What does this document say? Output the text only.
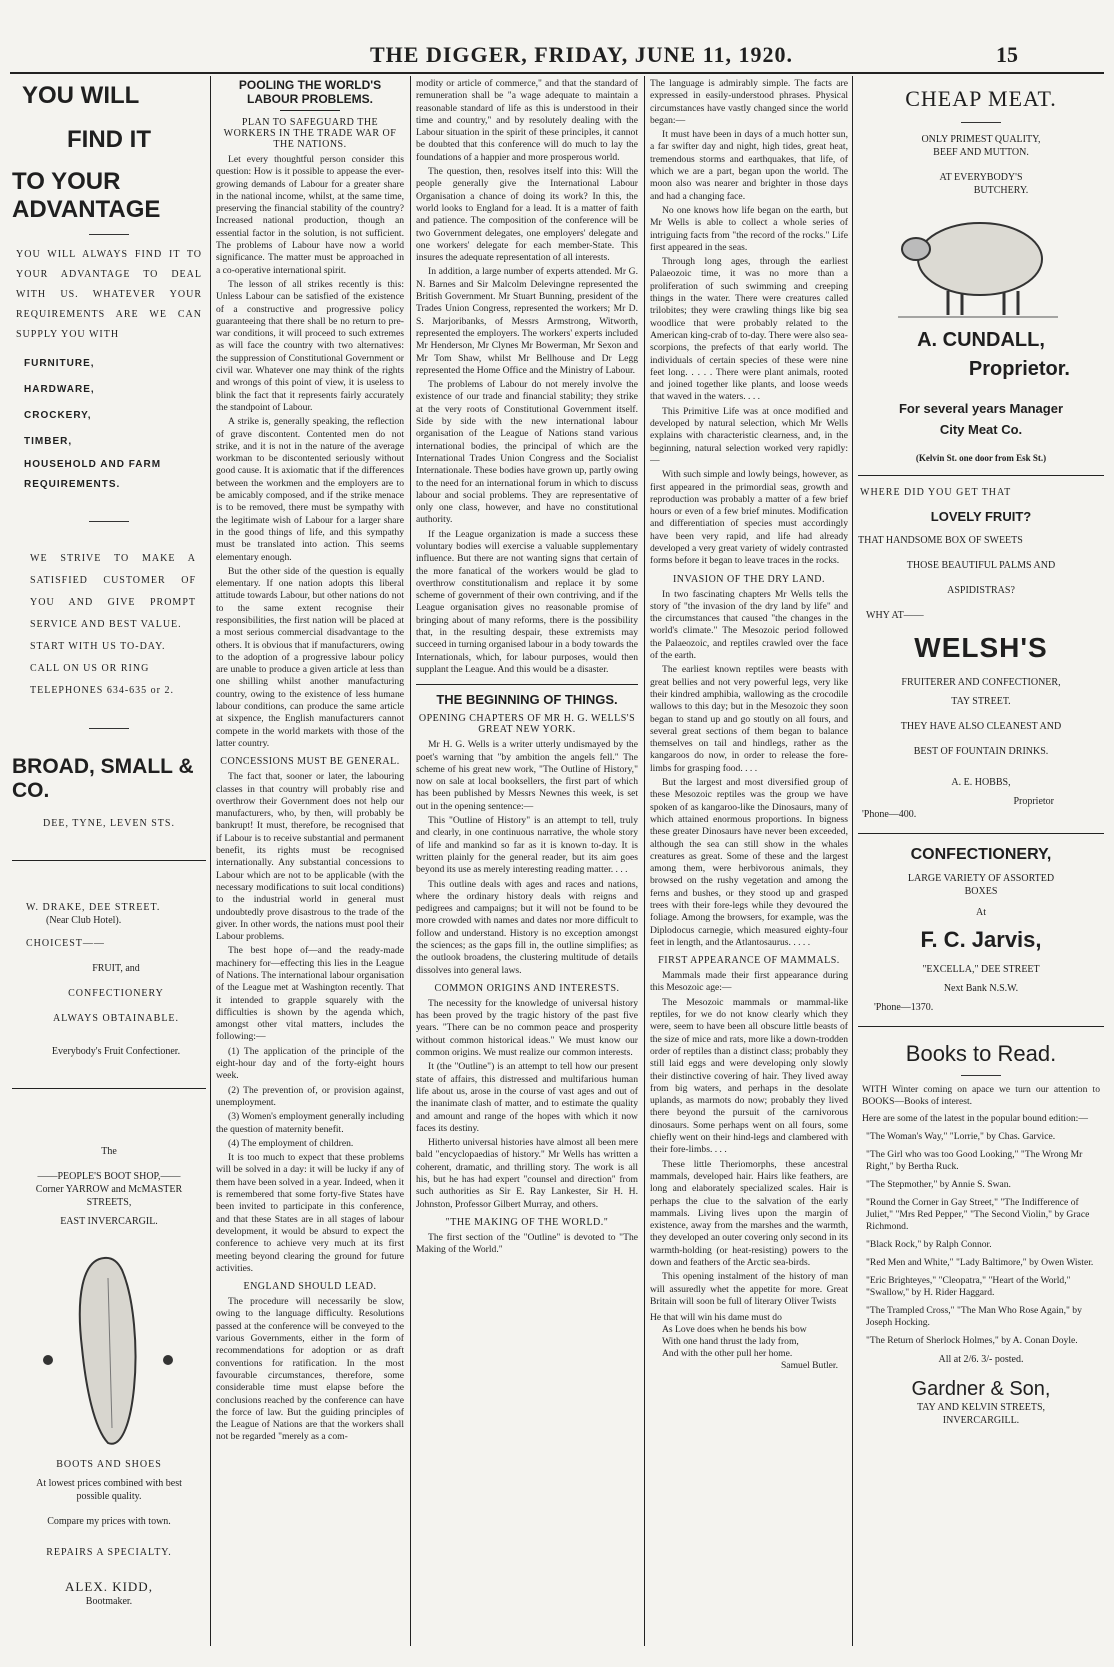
THE DIGGER, FRIDAY, JUNE 11, 1920.	15
YOU WILL
FIND IT
TO YOUR ADVANTAGE
YOU WILL ALWAYS FIND IT TO YOUR ADVANTAGE TO DEAL WITH US. WHATEVER YOUR REQUIREMENTS ARE WE CAN SUPPLY YOU WITH
FURNITURE,
HARDWARE,
CROCKERY,
TIMBER,
HOUSEHOLD AND FARM REQUIREMENTS.
WE STRIVE TO MAKE A SATISFIED CUSTOMER OF YOU AND GIVE PROMPT SERVICE AND BEST VALUE.
START WITH US TO-DAY.
CALL ON US OR RING TELEPHONES 634-635 or 2.
BROAD, SMALL & CO.
DEE, TYNE, LEVEN STS.
W. DRAKE, DEE STREET.
(Near Club Hotel).
CHOICEST——
FRUIT, and
CONFECTIONERY
ALWAYS OBTAINABLE.
Everybody's Fruit Confectioner.
The
——PEOPLE'S BOOT SHOP,——
Corner YARROW and McMASTER STREETS,
EAST INVERCARGIL.
BOOTS AND SHOES
At lowest prices combined with best possible quality.
Compare my prices with town.
REPAIRS A SPECIALTY.
ALEX. KIDD,
Bootmaker.
POOLING THE WORLD'S LABOUR PROBLEMS.
PLAN TO SAFEGUARD THE WORKERS IN THE TRADE WAR OF THE NATIONS.

Let every thoughtful person consider this question: How is it possible to appease the ever-growing demands of Labour for a greater share in the national income, whilst, at the same time, preserving the financial stability of the country? Increased national production, though an essential factor in the solution, is not sufficient. The problems of Labour have now a world significance. The matter must be approached in a co-operative international spirit.

The lesson of all strikes recently is this: Unless Labour can be satisfied of the existence of a constructive and progressive policy guaranteeing that there shall be no return to pre-war conditions, it will proceed to such extremes as will face the country with two alternatives: the suppression of Constitutional Government or civil war. Whatever one may think of the rights and wrongs of this point of view, it is useless to blink the fact that it represents fairly accurately the standpoint of Labour.

A strike is, generally speaking, the reflection of grave discontent. Contented men do not strike, and it is not in the nature of the average workman to be discontented seriously without good cause. It is axiomatic that if the differences between the workmen and the employers are to be amicably composed, and if the strike menace is to be removed, there must be sympathy with the legitimate wish of Labour for a larger share in the good things of life, and this sympathy must be translated into action. This seems elementary enough.

But the other side of the question is equally elementary. If one nation adopts this liberal attitude towards Labour, but other nations do not to the same extent recognise their responsibilities, the first nation will be placed at a most serious commercial disadvantage to the others. It is obvious that if manufacturers, owing to the adoption of a progressive labour policy are unable to produce a given article at less than one shilling whilst another manufacturing country, owing to the existence of less humane labour conditions, can produce the same article at sixpence, the English manufacturers cannot compete in the world markets with those of the latter country.

CONCESSIONS MUST BE GENERAL.

The fact that, sooner or later, the labouring classes in that country will probably rise and overthrow their Government does not help our manufacturers, who, by then, will probably be bankrupt! It must, therefore, be recognised that if Labour is to receive substantial and permanent benefit, its rights must be recognised internationally. Any substantial concessions to Labour which are not to be applicable (with the necessary modifications to suit local conditions) to the industrial world in general must undoubtedly prove disastrous to the trade of the giver. In other words, the nations must pool their Labour problems.

The best hope of—and the ready-made machinery for—effecting this lies in the League of Nations. The international labour organisation of the League met at Washington recently. That it intended to grapple squarely with the difficulties is shown by the agenda which, amongst other vital matters, includes the following:—

(1) The application of the principle of the eight-hour day and of the forty-eight hours week.

(2) The prevention of, or provision against, unemployment.

(3) Women's employment generally including the question of maternity benefit.

(4) The employment of children.

It is too much to expect that these problems will be solved in a day: it will be lucky if any of them have been solved in a year. Indeed, when it is remembered that some forty-five States have been invited to participate in this conference, and that these States are in all stages of labour development, it would be absurd to expect the conference to achieve very much at its first meeting beyond clearing the ground for future activities.

ENGLAND SHOULD LEAD.

The procedure will necessarily be slow, owing to the language difficulty. Resolutions passed at the conference will be conveyed to the various Governments, either in the form of recommendations for adoption or as draft conventions for ratification. In the most favourable circumstances, therefore, some considerable time must elapse before the conclusions reached by the conference can have the force of law. But the guiding principles of the League of Nations are that the workers shall not be regarded "merely as a com-

modity or article of commerce," and that the standard of remuneration shall be "a wage adequate to maintain a reasonable standard of life as this is understood in their time and country," and by resolutely dealing with the Labour situation in the spirit of these principles, it cannot be doubted that this conference will do much to lay the foundations of a happier and more prosperous world.

The question, then, resolves itself into this: Will the people generally give the International Labour Organisation a chance of doing its work? In this, the world looks to England for a lead. It is a matter of faith and patience. The composition of the conference will be two Government delegates, one employers' delegate and one workers' delegate for each member-State. This insures the adequate representation of all interests.

In addition, a large number of experts attended. Mr G. N. Barnes and Sir Malcolm Delevingne represented the British Government. Mr Stuart Bunning, president of the Trades Union Congress, represented the workers; Mr D. S. Marjoribanks, of Messrs Armstrong, Witworth, represented the employers. The workers' experts included Mr Henderson, Mr Clynes Mr Bowerman, Mr Sexon and Mr Tom Shaw, whilst Mr Bellhouse and Dr Legg represented the Home Office and the Ministry of Labour.

The problems of Labour do not merely involve the existence of our trade and financial stability; they strike at the very roots of Constitutional Government itself. Side by side with the new international labour organisation of the League of Nations stand various international bodies, the principal of which are the International Trades Union Congress and the Socialist Internationale. These bodies have grown up, partly owing to the need for an international forum in which to discuss labour and social problems. They are representative of only one class, however, and have no constitutional authority.

If the League organization is made a success these voluntary bodies will exercise a valuable supplementary influence. But there are not wanting signs that certain of the more fanatical of the workers would be glad to overthrow constitutionalism and replace it by some scheme of government of their own contriving, and if the League organisation gives no reasonable promise of bringing about of many reforms, there is the possibility that, in the resulting despair, these extremists may succeed in turning organised labour in a body towards the Internationals, which, for labour purposes, would then supplant the League. And this would be a disaster.

THE BEGINNING OF THINGS.
OPENING CHAPTERS OF MR H. G. WELLS'S GREAT NEW YORK.

Mr H. G. Wells is a writer utterly undismayed by the poet's warning that "by ambition the angels fell." The scheme of his great new work, "The Outline of History," now on sale at local booksellers, the first part of which has been published by Messrs Newnes this week, is set out in the opening sentence:—

This "Outline of History" is an attempt to tell, truly and clearly, in one continuous narrative, the whole story of life and mankind so far as it is known to-day. It is written plainly for the general reader, but its aim goes beyond its use as merely interesting reading matter. . . .

This outline deals with ages and races and nations, where the ordinary history deals with reigns and pedigrees and campaigns; but it will not be found to be more crowded with names and dates nor more difficult to follow and understand. History is no exception amongst the sciences; as the gaps fill in, the outline simplifies; as the outlook broadens, the clustering multitude of details dissolves into general laws.

COMMON ORIGINS AND INTERESTS.

The necessity for the knowledge of universal history has been proved by the tragic history of the past five years. "There can be no common peace and prosperity without common historical ideas." We must know our common origins. We must realize our common interests.

It (the "Outline") is an attempt to tell how our present state of affairs, this distressed and multifarious human life about us, arose in the course of vast ages and out of the inanimate clash of matter, and to estimate the quality and amount and range of the hopes with which it now faces its destiny.

Hitherto universal histories have almost all been mere bald "encyclopaedias of history." Mr Wells has written a coherent, dramatic, and thrilling story. The work is all his, but he has had expert "counsel and direction" from such authorities as Sir E. Ray Lankester, Sir H. H. Johnston, Professor Gilbert Murray, and others.

"THE MAKING OF THE WORLD."

The first section of the "Outline" is devoted to "The Making of the World."

The language is admirably simple. The facts are expressed in easily-understood phrases. Physical circumstances have vastly changed since the world began:—

It must have been in days of a much hotter sun, a far swifter day and night, high tides, great heat, tremendous storms and earthquakes, that life, of which we are a part, began upon the world. The moon also was nearer and brighter in those days and had a changing face.

No one knows how life began on the earth, but Mr Wells is able to collect a whole series of intriguing facts from "the record of the rocks." Life first appeared in the seas.

Through long ages, through the earliest Palaeozoic time, it was no more than a proliferation of such swimming and creeping things in the water. There were creatures called trilobites; they were crawling things like big sea woodlice that were probably related to the American king-crab of to-day. There were also sea-scorpions, the prefects of that early world. The individuals of certain species of these were nine feet long. . . . . There were plant animals, rooted and joined together like plants, and loose weeds that waved in the waters. . . .

This Primitive Life was at once modified and developed by natural selection, which Mr Wells explains with characteristic clearness, and, in the beginning, natural selection worked very rapidly:—

With such simple and lowly beings, however, as first appeared in the primordial seas, growth and reproduction was probably a matter of a few brief hours or even of a few brief minutes. Modification and differentiation of species must accordingly have been very rapid, and life had already developed a very great variety of widely contrasted forms before it began to leave traces in the rocks.

INVASION OF THE DRY LAND.

In two fascinating chapters Mr Wells tells the story of "the invasion of the dry land by life" and the circumstances that caused "the changes in the world's climate." The Mesozoic period followed the Palaeozoic, and reptiles crawled over the face of the earth.

The earliest known reptiles were beasts with great bellies and not very powerful legs, very like their kindred amphibia, wallowing as the crocodile wallows to this day; but in the Mesozoic they soon began to stand up and go stoutly on all fours, and several great sections of them began to balance themselves on tail and hindlegs, rather as the kangaroos do now, in order to release the fore-limbs for grasping food. . . .

But the largest and most diversified group of these Mesozoic reptiles was the group we have spoken of as kangaroo-like the Dinosaurs, many of which attained enormous proportions. In bigness these greater Dinosaurs have never been exceeded, although the sea can still show in the whales creatures as great. Some of these and the largest among them, were herbivorous animals, they browsed on the rushy vegetation and among the ferns and bushes, or they stood up and grasped trees with their fore-legs while they devoured the foliage. Among the browsers, for example, was the Diplodocus carnegie, which measured eighty-four feet in length, and the Atlantosaurus. . . . .

FIRST APPEARANCE OF MAMMALS.

Mammals made their first appearance during this Mesozoic age:—

The Mesozoic mammals or mammal-like reptiles, for we do not know clearly which they were, seem to have been all obscure little beasts of the size of mice and rats, more like a down-trodden order of reptiles than a distinct class; probably they still laid eggs and were developing only slowly their distinctive covering of hair. They lived away from big waters, and perhaps in the desolate uplands, as marmots do now; probably they lived there beyond the pursuit of the carnivorous dinosaurs. Some perhaps went on all fours, some chiefly went on their hind-legs and clambered with their fore-limbs. . . .

These little Theriomorphs, these ancestral mammals, developed hair. Hairs like feathers, are long and elaborately specialized scales. Hair is perhaps the clue to the salvation of the early mammals. Living lives upon the margin of existence, away from the marshes and the warmth, they developed an outer covering only second in its warmth-holding (or heat-resisting) powers to the down and feathers of the Arctic sea-birds.

This opening instalment of the history of man will assuredly whet the appetite for more. Great Britain will soon be full of literary Oliver Twists

He that will win his dame must do
As Love does when he bends his bow
With one hand thrust the lady from,
And with the other pull her home.
Samuel Butler.
CHEAP MEAT.
ONLY PRIMEST QUALITY,
BEEF AND MUTTON.
AT EVERYBODY'S
BUTCHERY.
A. CUNDALL,
Proprietor.
For several years Manager
City Meat Co.
(Kelvin St. one door from Esk St.)
WHERE DID YOU GET THAT
LOVELY FRUIT?
THAT HANDSOME BOX OF SWEETS
THOSE BEAUTIFUL PALMS AND
ASPIDISTRAS?
WHY AT——
WELSH'S
FRUITERER AND CONFECTIONER,
TAY STREET.
THEY HAVE ALSO CLEANEST AND
BEST OF FOUNTAIN DRINKS.
A. E. HOBBS,
Proprietor
'Phone—400.
CONFECTIONERY,
LARGE VARIETY OF ASSORTED
BOXES
At
F. C. Jarvis,
"EXCELLA," DEE STREET
Next Bank N.S.W.
'Phone—1370.
Books to Read.
WITH Winter coming on apace we turn our attention to BOOKS—Books of interest.
Here are some of the latest in the popular bound edition:—

"The Woman's Way," "Lorrie," by Chas. Garvice.

"The Girl who was too Good Looking," "The Wrong Mr Right," by Bertha Ruck.

"The Stepmother," by Annie S. Swan.

"Round the Corner in Gay Street," "The Indifference of Juliet," "Mrs Red Pepper," "The Second Violin," by Grace Richmond.

"Black Rock," by Ralph Connor.

"Red Men and White," "Lady Baltimore," by Owen Wister.

"Eric Brighteyes," "Cleopatra," "Heart of the World," "Swallow," by H. Rider Haggard.

"The Trampled Cross," "The Man Who Rose Again," by Joseph Hocking.

"The Return of Sherlock Holmes," by A. Conan Doyle.

All at 2/6. 3/- posted.
Gardner & Son,
TAY AND KELVIN STREETS,
INVERCARGILL.
